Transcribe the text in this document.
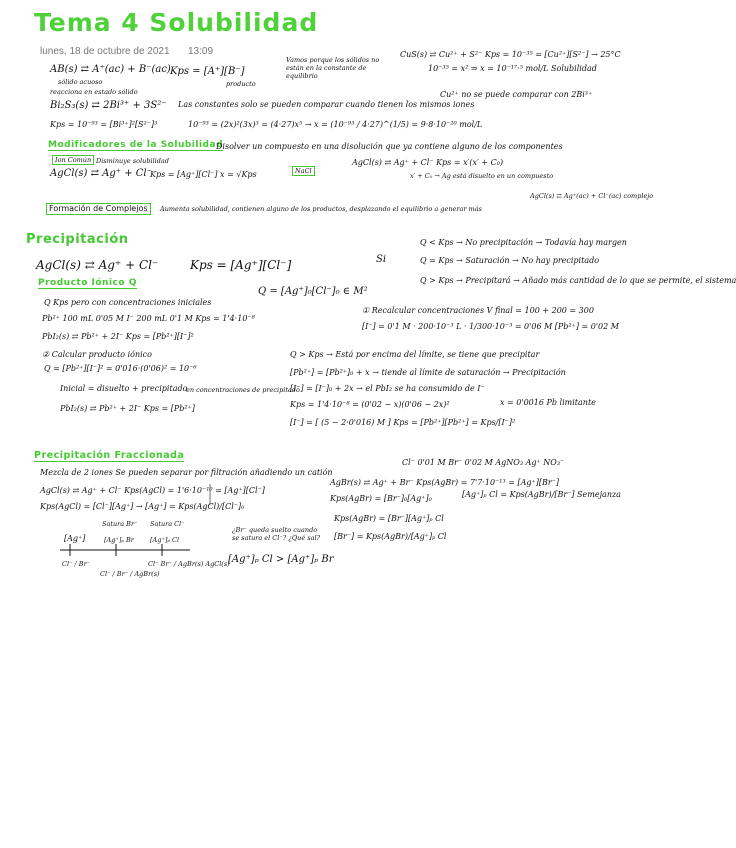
Tema 4 Solubilidad
lunes, 18 de octubre de 2021 13:09
AB(s) ⇄ A⁺(ac) + B⁻(ac)
sólido acuoso
Kps = [A⁺][B⁻]
producto
Vamos porque los sólidos no están en la constante de equilibrio
CuS(s) ⇄ Cu²⁺ + S²⁻ Kps = 10⁻³⁵ = [Cu²⁺][S²⁻] → 25°C
10⁻³⁵ = x² ⇒ x = 10⁻¹⁷·⁵ mol/L Solubilidad
reacciona en estado sólido
Bi₂S₃(s) ⇄ 2Bi³⁺ + 3S²⁻ Las constantes solo se pueden comparar cuando tienen los mismos iones
Cu²⁺ no se puede comparar con 2Bi³⁺
Kps = 10⁻⁹³ = [Bi³⁺]²[S²⁻]³	10⁻⁹³ = (2x)²(3x)³ = (4·27)x⁵ → x = (10⁻⁹³ / 4·27)^(1/5) = 9·8·10⁻²⁰ mol/L
Modificadores de la Solubilidad
Disolver un compuesto en una disolución que ya contiene alguno de los componentes
Ion Común Disminuye solubilidad
AgCl(s) ⇄ Ag⁺ + Cl⁻
Kps = [Ag⁺][Cl⁻] x = √Kps	NaCl
AgCl(s) ⇄ Ag⁺ + Cl⁻ Kps = x′(x′ + C₀)
x′ + C₀ → Ag está disuelto en un compuesto
Formación de Complejos	Aumenta solubilidad, contienen alguno de los productos, desplazando el equilibrio a generar más
AgCl(s) ⇄ Ag⁺(ac) + Cl⁻(ac) complejo
Precipitación
AgCl(s) ⇄ Ag⁺ + Cl⁻	Kps = [Ag⁺][Cl⁻]	Si
Q < Kps → No precipitación → Todavía hay margen
Q = Kps → Saturación → No hay precipitado
Q > Kps → Precipitará → Añado más cantidad de lo que se permite, el sistema
Producto Iónico Q
Q = [Ag⁺]₀[Cl⁻]₀ ∈ M²
Q Kps pero con concentraciones iniciales
Pb²⁺ 100 mL 0'05 M I⁻ 200 mL 0'1 M Kps = 1'4·10⁻⁸
① Recalcular concentraciones V final = 100 + 200 = 300
PbI₂(s) ⇄ Pb²⁺ + 2I⁻ Kps = [Pb²⁺][I⁻]²
[I⁻] = 0'1 M · 200·10⁻³ L · 1/300·10⁻³ = 0'06 M [Pb²⁺] = 0'02 M
② Calcular producto iónico
Q = [Pb²⁺][I⁻]² = 0'016·(0'06)² = 10⁻⁶
Q > Kps → Está por encima del límite, se tiene que precipitar
Inicial = disuelto + precipitado
en concentraciones de precipitado
[Pb²⁺] = [Pb²⁺]₀ + x → tiende al límite de saturación → Precipitación
[I⁻] = [I⁻]₀ + 2x → el PbI₂ se ha consumido de I⁻
x = 0'0016 Pb limitante
PbI₂(s) ⇄ Pb²⁺ + 2I⁻ Kps = [Pb²⁺]	Kps = 1'4·10⁻⁸ = (0'02 − x)(0'06 − 2x)²
[I⁻] = [ (5 − 2·0'016) M ] Kps = [Pb²⁺][Pb²⁺] = Kps/[I⁻]²
Precipitación Fraccionada
Mezcla de 2 iones Se pueden separar por filtración añadiendo un catión
Cl⁻ 0'01 M Br⁻ 0'02 M AgNO₃ Ag⁺ NO₃⁻
AgCl(s) ⇄ Ag⁺ + Cl⁻ Kps(AgCl) = 1'6·10⁻¹⁰ = [Ag⁺][Cl⁻]
AgBr(s) ⇄ Ag⁺ + Br⁻ Kps(AgBr) = 7'7·10⁻¹³ = [Ag⁺][Br⁻]
Kps(AgCl) = [Cl⁻][Ag⁺] → [Ag⁺] = Kps(AgCl)/[Cl⁻]₀
Kps(AgBr) = [Br⁻]₀[Ag⁺]₀	[Ag⁺]ₚ Cl = Kps(AgBr)/[Br⁻] Semejanza
Kps(AgBr) = [Br⁻][Ag⁺]ₚ Cl
[Br⁻] = Kps(AgBr)/[Ag⁺]ₚ Cl
Satura Br⁻ Satura Cl⁻
[Ag⁺]	[Ag⁺]ₚ Br [Ag⁺]ₚ Cl
Cl⁻ / Br⁻
Cl⁻ / Br⁻ / AgBr(s)
Cl⁻ Br⁻ / AgBr(s) AgCl(s)
¿Br⁻ queda suelto cuando se satura el Cl⁻? ¿Qué sal?
[Ag⁺]ₚ Cl > [Ag⁺]ₚ Br
